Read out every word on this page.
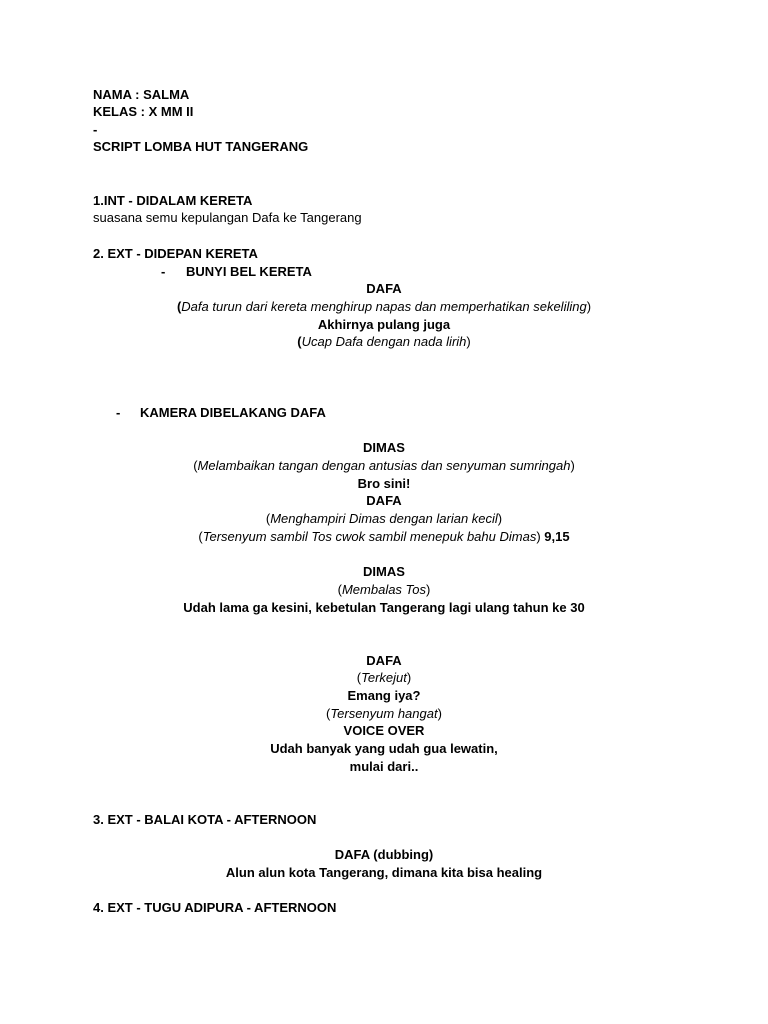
NAMA : SALMA
KELAS : X MM II
-
SCRIPT LOMBA HUT TANGERANG
1.INT - DIDALAM KERETA
suasana semu kepulangan Dafa ke Tangerang
2. EXT - DIDEPAN KERETA
- BUNYI BEL KERETA
DAFA
(Dafa turun dari kereta menghirup napas dan memperhatikan sekeliling)
Akhirnya pulang juga
(Ucap Dafa dengan nada lirih)
- KAMERA DIBELAKANG DAFA
DIMAS
(Melambaikan tangan dengan antusias dan senyuman sumringah)
Bro sini!
DAFA
(Menghampiri Dimas dengan larian kecil)
(Tersenyum sambil Tos cwok sambil menepuk bahu Dimas) 9,15
DIMAS
(Membalas Tos)
Udah lama ga kesini, kebetulan Tangerang lagi ulang tahun ke 30
DAFA
(Terkejut)
Emang iya?
(Tersenyum hangat)
VOICE OVER
Udah banyak yang udah gua lewatin,
mulai dari..
3. EXT - BALAI KOTA - AFTERNOON
DAFA (dubbing)
Alun alun kota Tangerang, dimana kita bisa healing
4. EXT - TUGU ADIPURA - AFTERNOON
